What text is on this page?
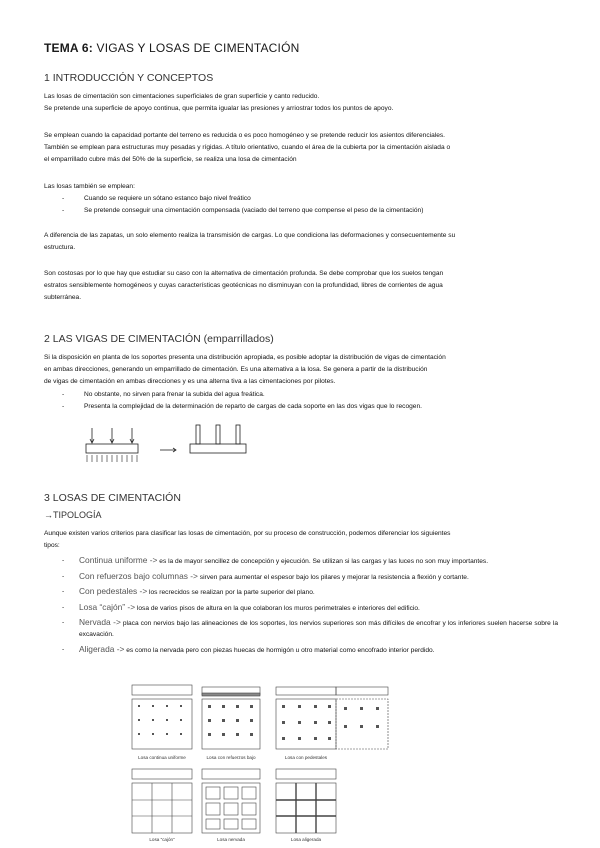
TEMA 6: VIGAS Y LOSAS DE CIMENTACIÓN
1 INTRODUCCIÓN Y CONCEPTOS
Las losas de cimentación son cimentaciones superficiales de gran superficie y canto reducido.
Se pretende una superficie de apoyo continua, que permita igualar las presiones y arriostrar todos los puntos de apoyo.
Se emplean cuando la capacidad portante del terreno es reducida o es poco homogéneo y se pretende reducir los asientos diferenciales.
También se emplean para estructuras muy pesadas y rígidas. A título orientativo, cuando el área de la cubierta por la cimentación aislada o
el emparrillado cubre más del 50% de la superficie, se realiza una losa de cimentación
Las losas también se emplean:
-	Cuando se requiere un sótano estanco bajo nivel freático
-	Se pretende conseguir una cimentación compensada (vaciado del terreno que compense el peso de la cimentación)
A diferencia de las zapatas, un solo elemento realiza la transmisión de cargas. Lo que condiciona las deformaciones y consecuentemente su
estructura.
Son costosas por lo que hay que estudiar su caso con la alternativa de cimentación profunda. Se debe comprobar que los suelos tengan
estratos sensiblemente homogéneos y cuyas características geotécnicas no disminuyan con la profundidad, libres de corrientes de agua
subterránea.
2 LAS VIGAS DE CIMENTACIÓN (emparrillados)
Si la disposición en planta de los soportes presenta una distribución apropiada, es posible adoptar la distribución de vigas de cimentación
en ambas direcciones, generando un emparrillado de cimentación. Es una alternativa a la losa. Se genera a partir de la distribución
de vigas de cimentación en ambas direcciones y es una alterna tiva a las cimentaciones por pilotes.
-	No obstante, no sirven para frenar la subida del agua freática.
-	Presenta la complejidad de la determinación de reparto de cargas de cada soporte en las dos vigas que lo recogen.
3 LOSAS DE CIMENTACIÓN
→TIPOLOGÍA
Aunque existen varios criterios para clasificar las losas de cimentación, por su proceso de construcción, podemos diferenciar los siguientes
tipos:
- Continua uniforme -> es la de mayor sencillez de concepción y ejecución. Se utilizan si las cargas y las luces no son muy importantes.
- Con refuerzos bajo columnas -> sirven para aumentar el espesor bajo los pilares y mejorar la resistencia a flexión y cortante.
- Con pedestales -> los recrecidos se realizan por la parte superior del plano.
- Losa “cajón” -> losa de varios pisos de altura en la que colaboran los muros perimetrales e interiores del edificio.
- Nervada -> placa con nervios bajo las alineaciones de los soportes, los nervios superiores son más difíciles de encofrar y los inferiores suelen hacerse sobre la excavación.
- Aligerada -> es como la nervada pero con piezas huecas de hormigón u otro material como encofrado interior perdido.
Losa continua uniforme	Losa con refuerzos bajo	Losa con pedestales
Losa “cajón”	Losa nervada	Losa aligerada
